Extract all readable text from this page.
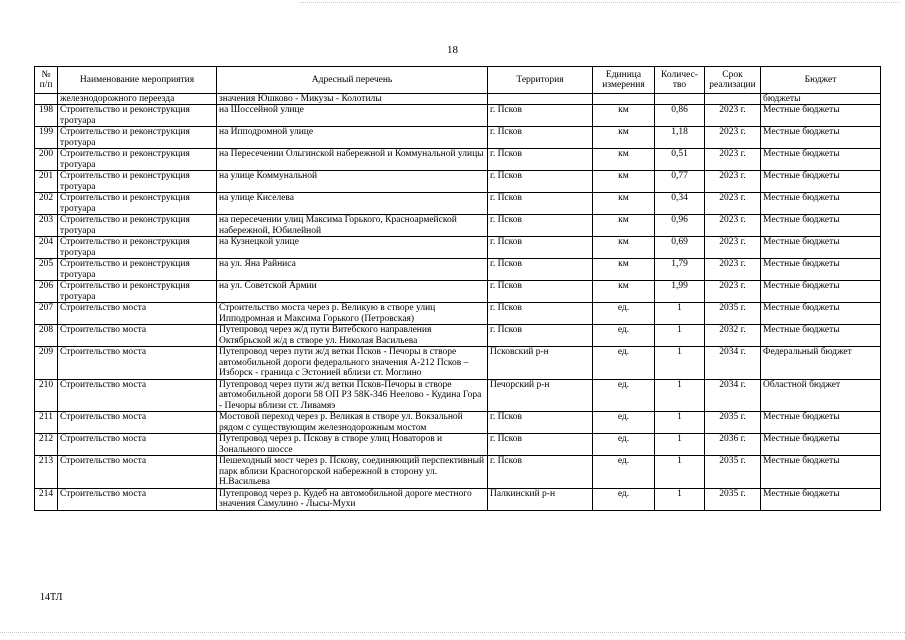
18
№ п/п	Наименование мероприятия	Адресный перечень	Территория	Единица измерения	Количес-тво	Срок реализации	Бюджет
	железнодорожного переезда	значения Юшково - Микузы - Колотилы					бюджеты
198	Строительство и реконструкция тротуара	на Шоссейной улице	г. Псков	км	0,86	2023 г.	Местные бюджеты
199	Строительство и реконструкция тротуара	на Ипподромной улице	г. Псков	км	1,18	2023 г.	Местные бюджеты
200	Строительство и реконструкция тротуара	на Пересечении Ольгинской набережной и Коммунальной улицы	г. Псков	км	0,51	2023 г.	Местные бюджеты
201	Строительство и реконструкция тротуара	на улице Коммунальной	г. Псков	км	0,77	2023 г.	Местные бюджеты
202	Строительство и реконструкция тротуара	на улице Киселева	г. Псков	км	0,34	2023 г.	Местные бюджеты
203	Строительство и реконструкция тротуара	на пересечении улиц Максима Горького, Красноармейской набережной, Юбилейной	г. Псков	км	0,96	2023 г.	Местные бюджеты
204	Строительство и реконструкция тротуара	на Кузнецкой улице	г. Псков	км	0,69	2023 г.	Местные бюджеты
205	Строительство и реконструкция тротуара	на ул. Яна Райниса	г. Псков	км	1,79	2023 г.	Местные бюджеты
206	Строительство и реконструкция тротуара	на ул. Советской Армии	г. Псков	км	1,99	2023 г.	Местные бюджеты
207	Строительство моста	Строительство моста через р. Великую в створе улиц Ипподромная и Максима Горького (Петровская)	г. Псков	ед.	1	2035 г.	Местные бюджеты
208	Строительство моста	Путепровод через ж/д пути Витебского направления Октябрьской ж/д в створе ул. Николая Васильева	г. Псков	ед.	1	2032 г.	Местные бюджеты
209	Строительство моста	Путепровод через пути ж/д ветки Псков - Печоры в створе автомобильной дороги федерального значения А-212 Псков – Изборск - граница с Эстонией вблизи ст. Моглино	Псковский р-н	ед.	1	2034 г.	Федеральный бюджет
210	Строительство моста	Путепровод через пути ж/д ветки Псков-Печоры в створе автомобильной дороги 58 ОП РЗ 58К-346 Неелово - Кудина Гора - Печоры вблизи ст. Ливамяэ	Печорский р-н	ед.	1	2034 г.	Областной бюджет
211	Строительство моста	Мостовой переход через р. Великая в створе ул. Вокзальной рядом с существующим железнодорожным мостом	г. Псков	ед.	1	2035 г.	Местные бюджеты
212	Строительство моста	Путепровод через р. Пскову в створе улиц Новаторов и Зонального шоссе	г. Псков	ед.	1	2036 г.	Местные бюджеты
213	Строительство моста	Пешеходный мост через р. Пскову, соединяющий перспективный парк вблизи Красногорской набережной в сторону ул. Н.Васильева	г. Псков	ед.	1	2035 г.	Местные бюджеты
214	Строительство моста	Путепровод через р. Кудеб на автомобильной дороге местного значения Самулино - Лысы-Мухи	Палкинский р-н	ед.	1	2035 г.	Местные бюджеты
14ТЛ
